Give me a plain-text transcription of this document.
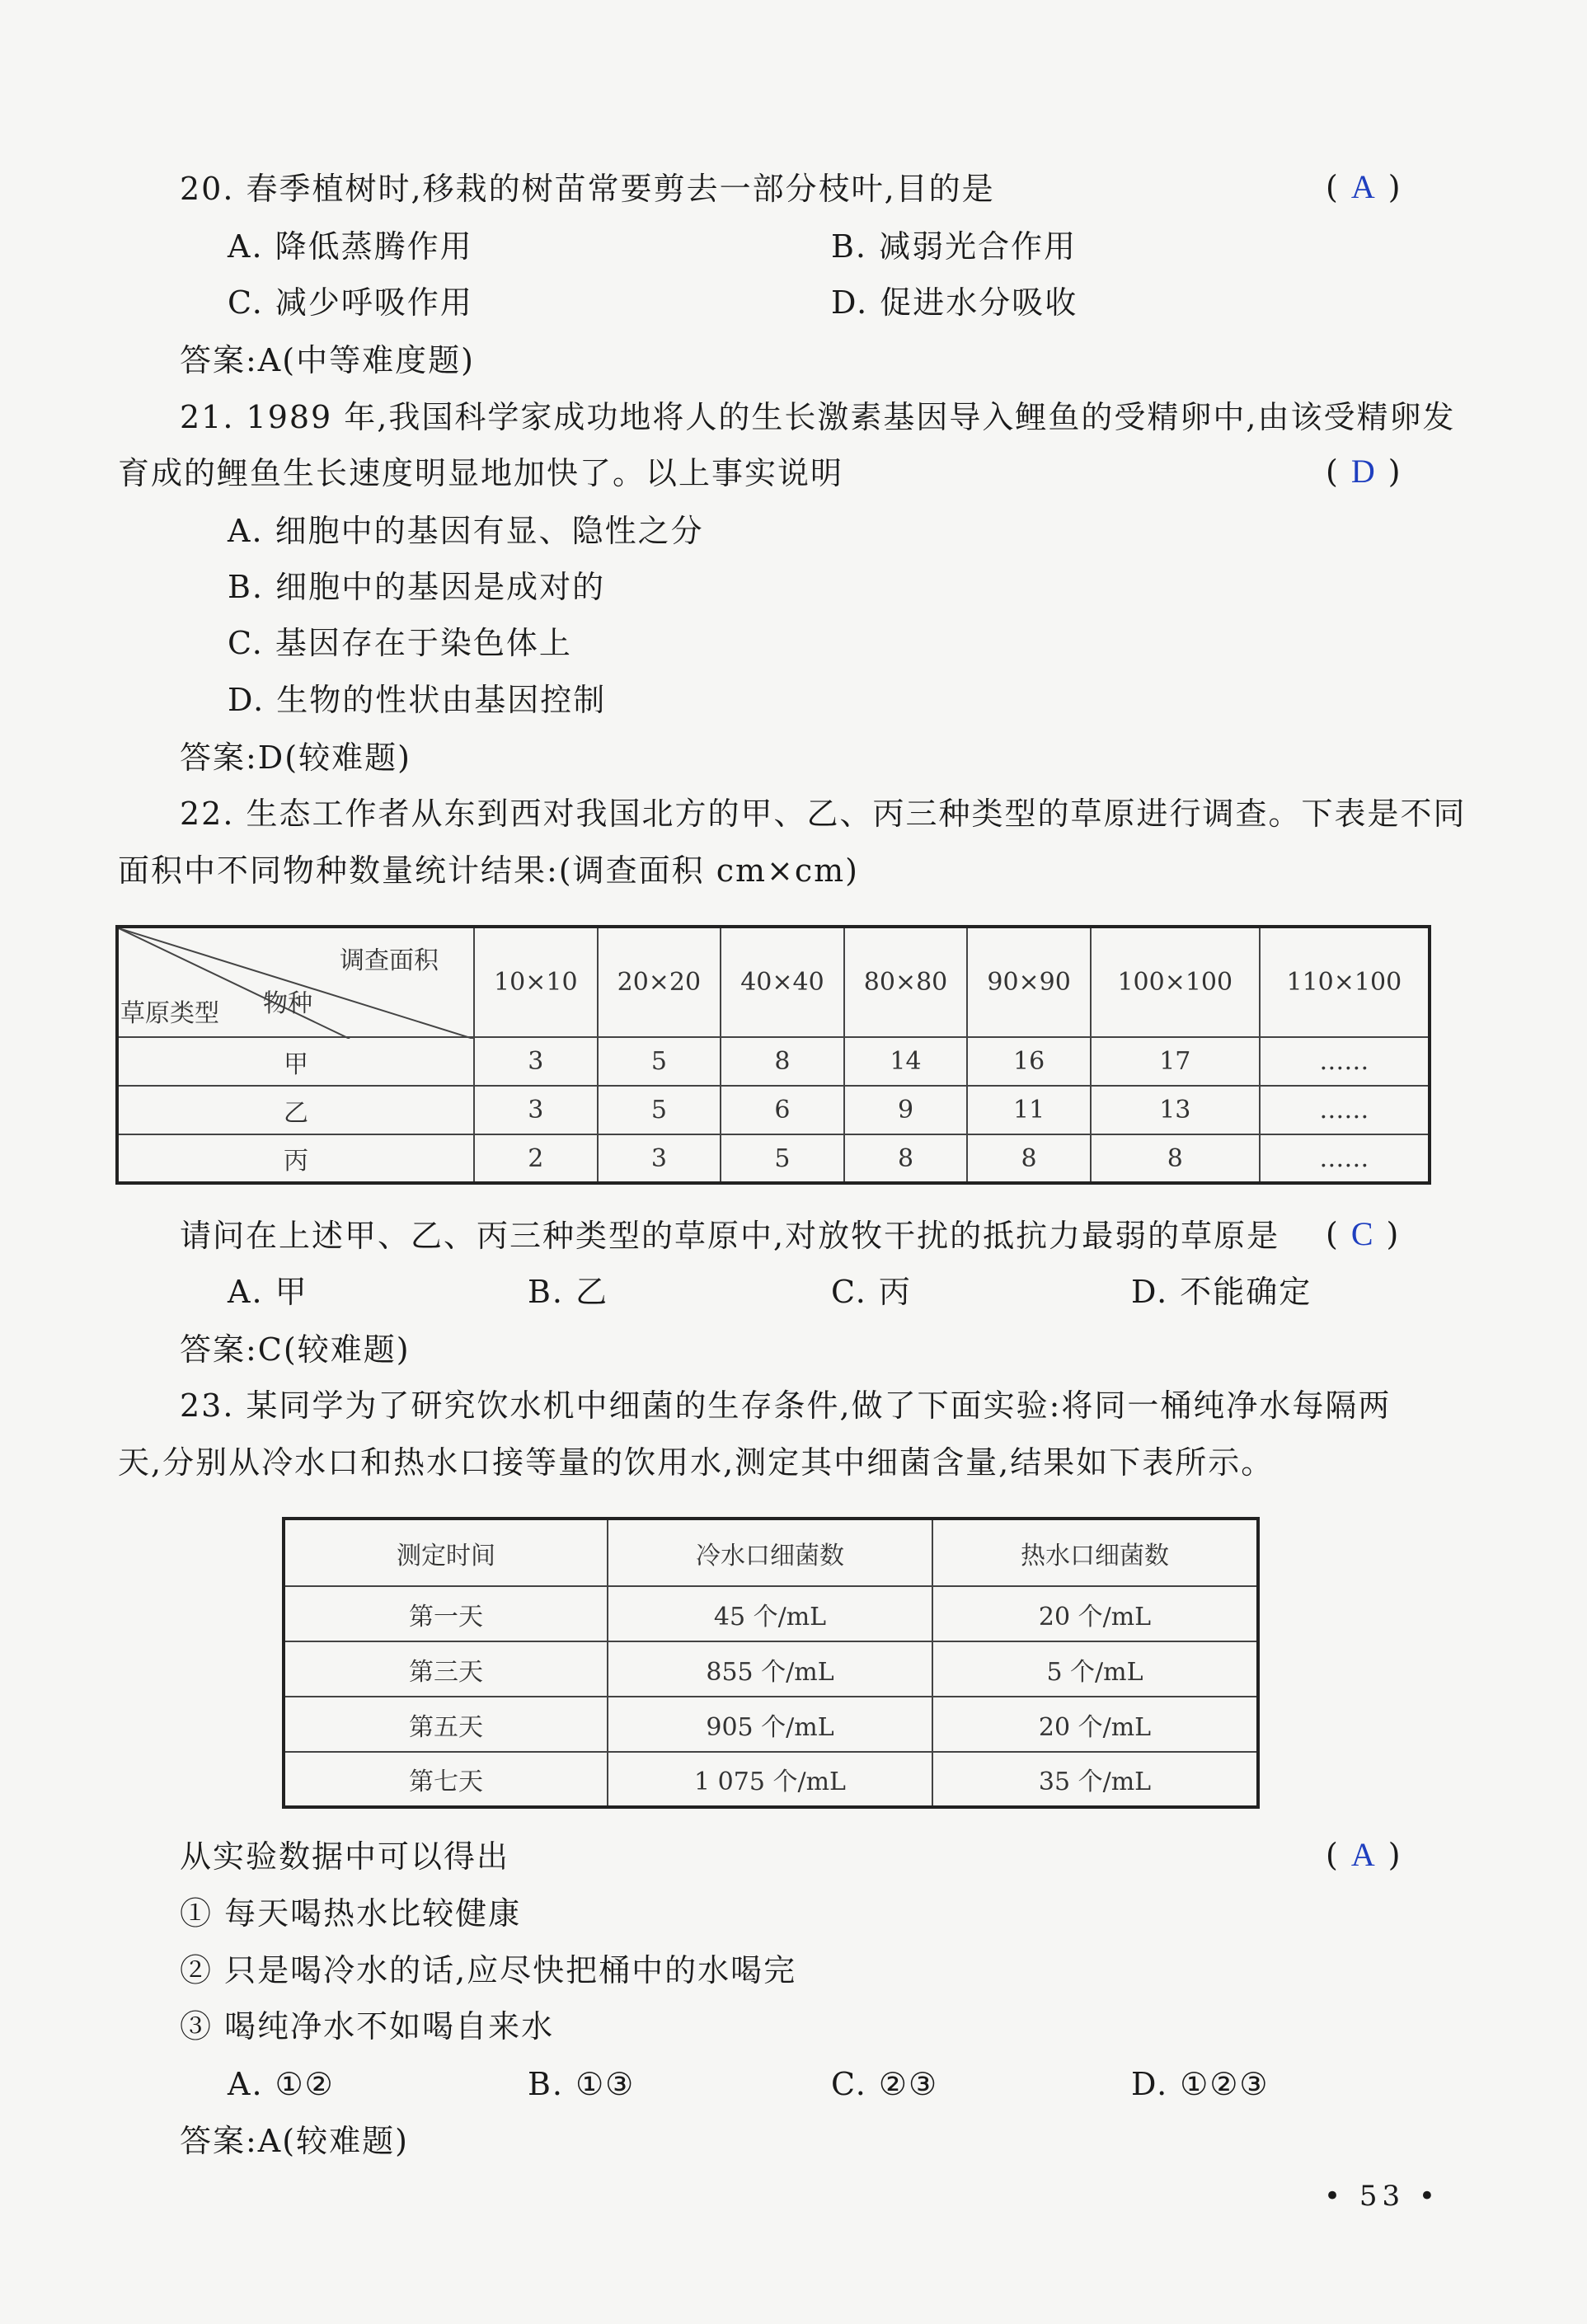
20. 春季植树时,移栽的树苗常要剪去一部分枝叶,目的是	( A )
A. 降低蒸腾作用	B. 减弱光合作用
C. 减少呼吸作用	D. 促进水分吸收
答案:A(中等难度题)
21. 1989 年,我国科学家成功地将人的生长激素基因导入鲤鱼的受精卵中,由该受精卵发
育成的鲤鱼生长速度明显地加快了。以上事实说明	( D )
A. 细胞中的基因有显、隐性之分
B. 细胞中的基因是成对的
C. 基因存在于染色体上
D. 生物的性状由基因控制
答案:D(较难题)
22. 生态工作者从东到西对我国北方的甲、乙、丙三种类型的草原进行调查。下表是不同
面积中不同物种数量统计结果:(调查面积 cm×cm)
调查面积
物种
草原类型	10×10	20×20	40×40	80×80	90×90	100×100	110×100
甲	3	5	8	14	16	17	……
乙	3	5	6	9	11	13	……
丙	2	3	5	8	8	8	……
请问在上述甲、乙、丙三种类型的草原中,对放牧干扰的抵抗力最弱的草原是 ( C )
A. 甲	B. 乙	C. 丙	D. 不能确定
答案:C(较难题)
23. 某同学为了研究饮水机中细菌的生存条件,做了下面实验:将同一桶纯净水每隔两
天,分别从冷水口和热水口接等量的饮用水,测定其中细菌含量,结果如下表所示。
测定时间	冷水口细菌数	热水口细菌数
第一天	45 个/mL	20 个/mL
第三天	855 个/mL	5 个/mL
第五天	905 个/mL	20 个/mL
第七天	1 075 个/mL	35 个/mL
从实验数据中可以得出	( A )
① 每天喝热水比较健康
② 只是喝冷水的话,应尽快把桶中的水喝完
③ 喝纯净水不如喝自来水
A. ①②	B. ①③	C. ②③	D. ①②③
答案:A(较难题)
• 53 •
